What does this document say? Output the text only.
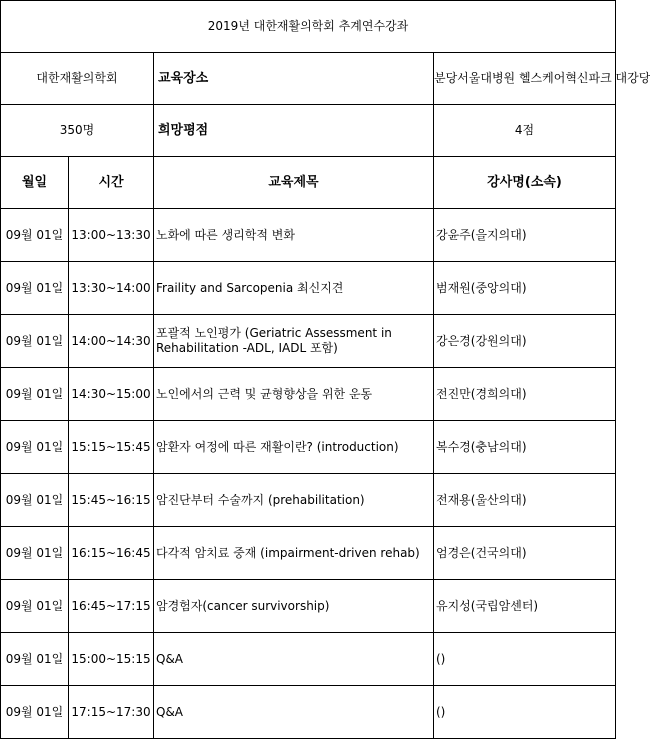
2019년 대한재활의학회 추계연수강좌			
대한재활의학회		교육장소	분당서울대병원 헬스케어혁신파크 대강당
350명		희망평점	4점
월일	시간	교육제목	강사명(소속)
09월 01일	13:00~13:30	노화에 따른 생리학적 변화	강윤주(을지의대)
09월 01일	13:30~14:00	Fraility and Sarcopenia 최신지견	범재원(중앙의대)
09월 01일	14:00~14:30	포괄적 노인평가 (Geriatric Assessment in Rehabilitation -ADL, IADL 포함)	강은경(강원의대)
09월 01일	14:30~15:00	노인에서의 근력 및 균형향상을 위한 운동	전진만(경희의대)
09월 01일	15:15~15:45	암환자 여정에 따른 재활이란? (introduction)	복수경(충남의대)
09월 01일	15:45~16:15	암진단부터 수술까지 (prehabilitation)	전재용(울산의대)
09월 01일	16:15~16:45	다각적 암치료 중재 (impairment-driven rehab)	엄경은(건국의대)
09월 01일	16:45~17:15	암경험자(cancer survivorship)	유지성(국립암센터)
09월 01일	15:00~15:15	Q&A	()
09월 01일	17:15~17:30	Q&A	()
